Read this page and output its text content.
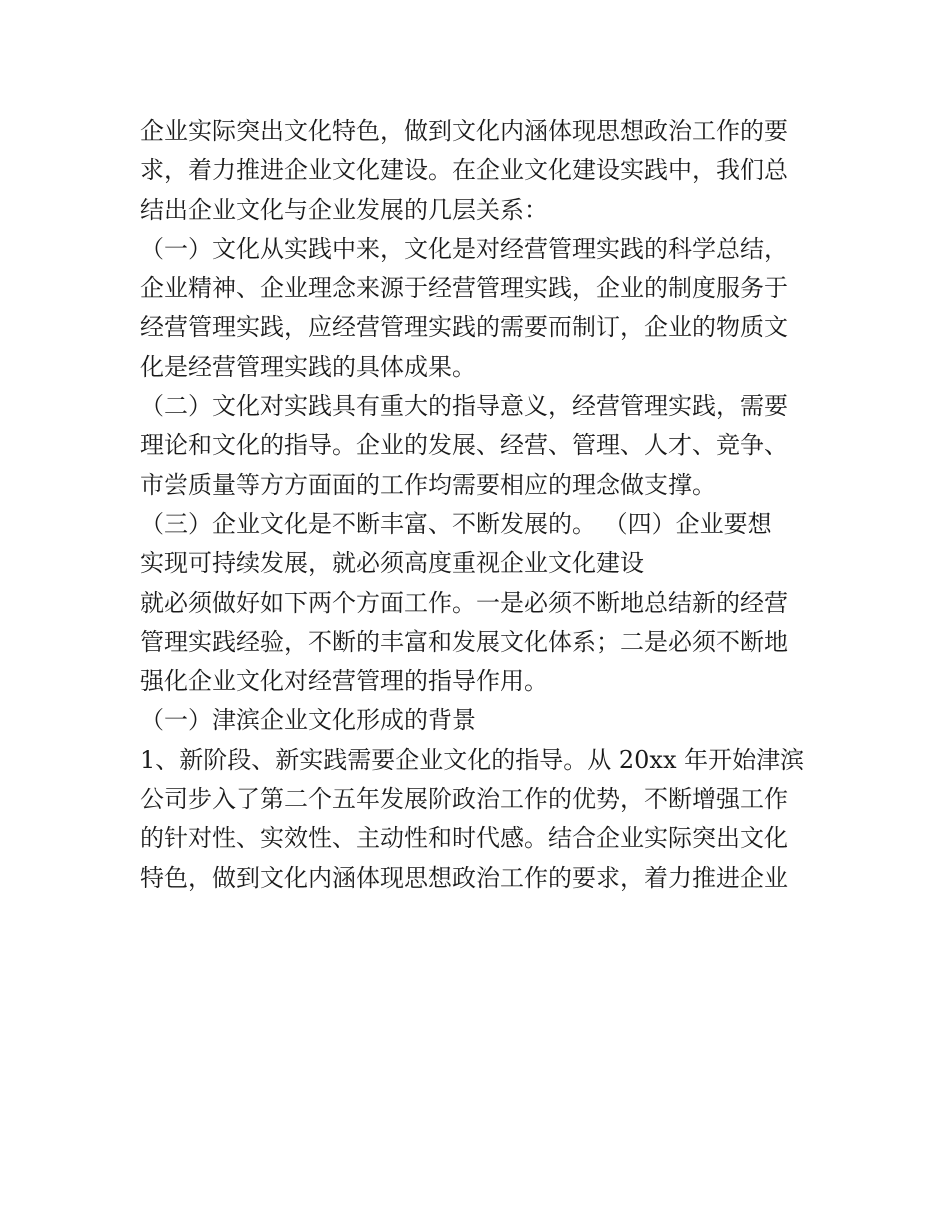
企业实际突出文化特色，做到文化内涵体现思想政治工作的要
求，着力推进企业文化建设。在企业文化建设实践中，我们总
结出企业文化与企业发展的几层关系：
（一）文化从实践中来，文化是对经营管理实践的科学总结，
企业精神、企业理念来源于经营管理实践，企业的制度服务于
经营管理实践，应经营管理实践的需要而制订，企业的物质文
化是经营管理实践的具体成果。
（二）文化对实践具有重大的指导意义，经营管理实践，需要
理论和文化的指导。企业的发展、经营、管理、人才、竞争、
市尝质量等方方面面的工作均需要相应的理念做支撑。
（三）企业文化是不断丰富、不断发展的。 （四）企业要想
实现可持续发展，就必须高度重视企业文化建设
就必须做好如下两个方面工作。一是必须不断地总结新的经营
管理实践经验，不断的丰富和发展文化体系；二是必须不断地
强化企业文化对经营管理的指导作用。
（一）津滨企业文化形成的背景
1、新阶段、新实践需要企业文化的指导。从 20xx 年开始津滨
公司步入了第二个五年发展阶政治工作的优势，不断增强工作
的针对性、实效性、主动性和时代感。结合企业实际突出文化
特色，做到文化内涵体现思想政治工作的要求，着力推进企业
